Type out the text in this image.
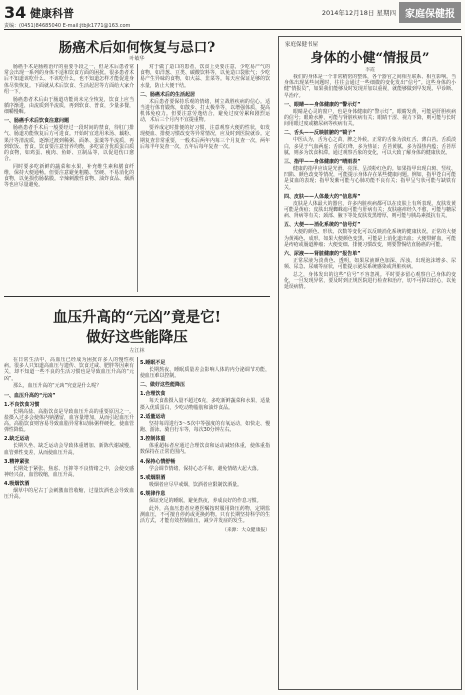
34 健康科普	2014年12月18日 星期四 家庭保健报
责编：(0451)84685040 E-mail:jtbjk1771@163.com
肠癌术后如何恢复与忌口?
叶敏华

肠癌手术是肠癌治疗的重要手段之一，但是术后患者常常会出现一系列的身体不适和饮食方面的困扰。很多患者术后不知道该吃什么、不该吃什么，也不知道怎样才能促进身体尽快恢复。下面就从术后饮食、生活起居等方面给大家介绍一下。

肠癌患者术后由于肠道功能尚未完全恢复，饮食上应当循序渐进，由流质到半流质，再到软食、普食，少量多餐，细嚼慢咽。

一、肠癌手术后饮食注意问题

肠癌患者手术后一般要经过一段时间的禁食，待肛门排气、肠道功能恢复后方可进食。开始时宜选用米汤、藕粉、果汁等清流质，逐渐过渡到稀粥、面条、蛋羹等半流质，再到软饭、普食。饮食要注意营养均衡，多吃富含优质蛋白质的食物，如鸡蛋、瘦肉、鱼虾、豆制品等，以促进伤口愈合。

同时要多吃新鲜的蔬菜和水果，补充维生素和膳食纤维，保持大便通畅。但要注意避免粗糙、坚硬、不易消化的食物，以免损伤肠黏膜。辛辣刺激性食物、油炸食品、烟酒等也应尽量避免。

对于做了造口的患者，饮食上更要注意，少吃易产气的食物，如洋葱、豆类、碳酸饮料等，以免造口袋胀气；少吃易产生异味的食物，如大蒜、韭菜等。每天应保证足够的饮水量，防止大便干结。

二、肠癌术后的生活起居

术后患者要保持乐观的情绪，树立战胜疾病的信心。适当进行体育锻炼，如散步、打太极拳等，以增强体质，提高机体免疫力。但要注意劳逸结合，避免过度劳累和剧烈运动，术后三个月内不宜提重物。

要养成定时排便的好习惯，注意观察大便的性状，如发现便血、排便习惯改变等异常情况，应及时到医院就诊。定期复查非常重要，一般术后两年内每三个月复查一次，两年后每半年复查一次，五年后每年复查一次。

血压升高的“元凶”竟是它!
做好这些能降压
左江林

在日常生活中，高血压已经成为困扰许多人的慢性疾病。很多人只知道高血压与遗传、饮食过咸、肥胖等因素有关，却不知道一些不良的生活习惯也是导致血压升高的“元凶”。

那么，血压升高的“元凶”究竟是什么呢？

一、血压升高的“元凶”
1.不良饮食习惯

长期高盐、高脂饮食是导致血压升高的重要原因之一。盐摄入过多会使体内钠潴留，血容量增加，从而引起血压升高。高脂饮食则容易导致血脂异常和动脉粥样硬化，使血管弹性降低。

2.缺乏运动

长期久坐、缺乏运动会导致体重增加、新陈代谢减慢，血管弹性变差，从而使血压升高。

3.精神紧张

长期处于紧张、焦虑、压抑等不良情绪之中，会使交感神经兴奋，血管收缩，血压升高。

4.吸烟饮酒

烟草中的尼古丁会刺激血管收缩，过量饮酒也会导致血压升高。

5.睡眠不足

长期熬夜、睡眠质量差会影响人体的内分泌调节功能，使血压难以控制。

二、做好这些能降压
1.合理饮食

每天食盐摄入量不超过6克，多吃新鲜蔬菜和水果，适量摄入优质蛋白，少吃动物脂肪和油炸食品。

2.适量运动

坚持每周进行3～5次中等强度的有氧运动，如快走、慢跑、游泳、骑自行车等，每次30分钟左右。

3.控制体重

体重超标者应通过合理饮食和运动减轻体重，使体重指数保持在正常范围内。

4.保持心情舒畅

学会调节情绪，保持心态平和，避免情绪大起大落。

5.戒烟限酒

吸烟者应尽早戒烟，饮酒者应限制饮酒量。

6.规律作息

保证充足的睡眠，避免熬夜，养成良好的作息习惯。

此外，高血压患者应遵医嘱按时服用降压药物，定期监测血压，不可擅自停药或更换药物。只有长期坚持科学的生活方式，才能有效控制血压，减少并发症的发生。

（来源：大众健康报）
家庭保健书屋
身体的小健“情报员”
李霞

我们的身体是一个非常精密的整体，各个器官之间相互联系、相互影响。当身体出现某些问题时，往往会通过一些细微的变化发出“信号”。这些身体的小健“情报员”，如果我们能够及时发现并加以重视，就能够做到早发现、早诊断、早治疗。

一、眼睛——身体健康的“警示灯”

眼睛是心灵的窗户，也是身体健康的“警示灯”。眼睛发黄，可能是肝胆疾病的信号；眼睑水肿，可能与肾脏疾病有关；眼睛干涩、视力下降，则可能与长时间用眼过度或糖尿病等疾病有关。

二、舌头——反映脏腑的“镜子”

中医认为，舌为心之苗，脾之外候。正常的舌象为淡红舌、薄白苔。舌质淡白，多见于气血两虚；舌质红绛，多为热证；舌苔黄腻，多为湿热内蕴；舌苔厚腻，则多为饮食积滞。通过观察舌象的变化，可以大致了解身体的健康状况。

三、指甲——身体健康的“晴雨表”

健康的指甲应该是光滑、亮泽、呈淡粉红色的。如果指甲出现白斑、竖纹、凹陷、颜色改变等情况，可能提示身体存在某些健康问题。例如，指甲苍白可能是贫血的表现；指甲发紫可能与心肺功能不良有关；指甲呈勺状可能与缺铁有关。

四、皮肤——人体最大的“信息库”

皮肤是人体最大的器官，许多内脏疾病都可以在皮肤上有所表现。皮肤发黄可能是黄疸；皮肤出现蜘蛛痣可能与肝病有关；皮肤瘙痒经久不愈，可能与糖尿病、肾病等有关；颈部、腋下等处皮肤发黑增厚，则可能与胰岛素抵抗有关。

五、大便——消化系统的“信号灯”

大便的颜色、形状、次数等变化可以反映消化系统的健康状况。正常的大便为黄褐色、成形。如果大便颜色变黑，可能是上消化道出血；大便带鲜血，可能是痔疮或肠道肿瘤；大便变细、排便习惯改变，则要警惕结直肠癌的可能。

六、尿液——肾脏健康的“报告单”

正常尿液为淡黄色、透明。如果尿液颜色加深、浑浊，出现泡沫增多、尿频、尿急、尿痛等症状，可能提示泌尿系统感染或肾脏疾病。

总之，身体发出的这些“信号”不容忽视。平时要多留心观察自己身体的变化，一旦发现异常，要及时到正规医院进行检查和治疗，切不可掉以轻心，以免延误病情。
